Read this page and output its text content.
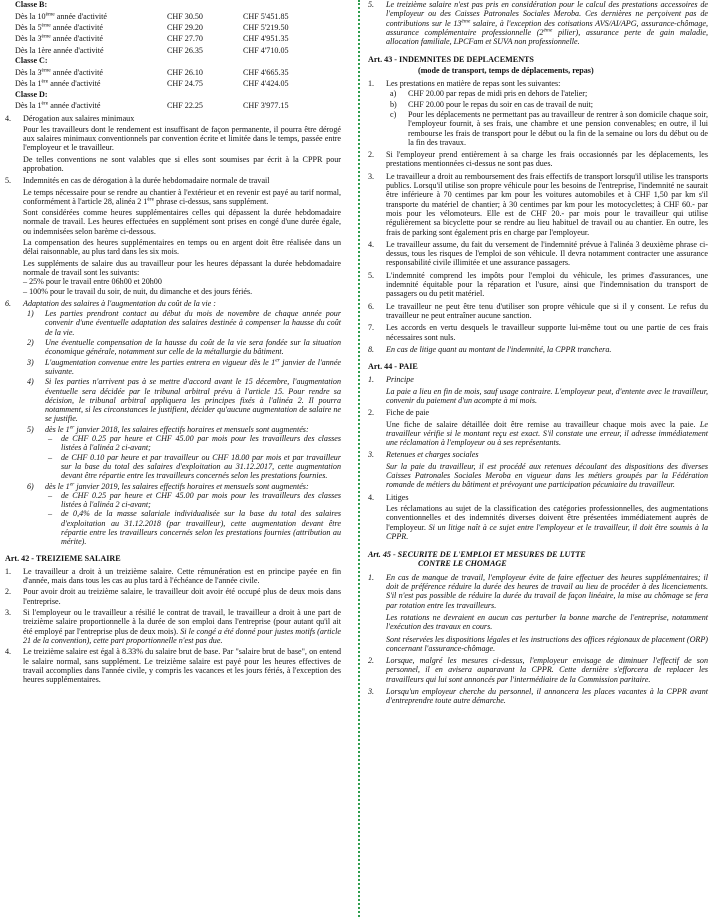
Classe B:
Dès la 10ème année d'activité	CHF 30.50	CHF 5'451.85
Dès la 5ème année d'activité	CHF 29.20	CHF 5'219.50
Dès la 3ème année d'activité	CHF 27.70	CHF 4'951.35
Dès la 1ère année d'activité	CHF 26.35	CHF 4'710.05
Classe C:
Dès la 3ème année d'activité	CHF 26.10	CHF 4'665.35
Dès la 1ère année d'activité	CHF 24.75	CHF 4'424.05
Classe D:
Dès la 1ère année d'activité	CHF 22.25	CHF 3'977.15
4.	Dérogation aux salaires minimaux

Pour les travailleurs dont le rendement est insuffisant de façon permanente, il pourra être dérogé aux salaires minimaux conventionnels par convention écrite et limitée dans le temps, passée entre l'employeur et le travailleur.

De telles conventions ne sont valables que si elles sont soumises par écrit à la CPPR pour approbation.

5.	Indemnités en cas de dérogation à la durée hebdomadaire normale de travail

Le temps nécessaire pour se rendre au chantier à l'extérieur et en revenir est payé au tarif normal, conformément à l'article 28, alinéa 2 1ère phrase ci-dessus, sans supplément.

Sont considérées comme heures supplémentaires celles qui dépassent la durée hebdomadaire normale de travail. Les heures effectuées en supplément sont prises en congé d'une durée égale, ou indemnisées selon barème ci-dessous.

La compensation des heures supplémentaires en temps ou en argent doit être réalisée dans un délai raisonnable, au plus tard dans les six mois.

Les suppléments de salaire dus au travailleur pour les heures dépassant la durée hebdomadaire normale de travail sont les suivants:

– 25% pour le travail entre 06h00 et 20h00
– 100% pour le travail du soir, de nuit, du dimanche et des jours fériés.
6.	Adaptation des salaires à l'augmentation du coût de la vie :
1)	Les parties prendront contact au début du mois de novembre de chaque année pour convenir d'une éventuelle adaptation des salaires destinée à compenser la hausse du coût de la vie.
2)	Une éventuelle compensation de la hausse du coût de la vie sera fondée sur la situation économique générale, notamment sur celle de la métallurgie du bâtiment.
3)	L'augmentation convenue entre les parties entrera en vigueur dès le 1er janvier de l'année suivante.
4)	Si les parties n'arrivent pas à se mettre d'accord avant le 15 décembre, l'augmentation éventuelle sera décidée par le tribunal arbitral prévu à l'article 15. Pour rendre sa décision, le tribunal arbitral appliquera les principes fixés à l'alinéa 2. Il pourra notamment, si les circonstances le justifient, décider qu'aucune augmentation de salaire ne se justifie.
5)	dès le 1er janvier 2018, les salaires effectifs horaires et mensuels sont augmentés:
–	de CHF 0.25 par heure et CHF 45.00 par mois pour les travailleurs des classes listées à l'alinéa 2 ci-avant;
–	de CHF 0.10 par heure et par travailleur ou CHF 18.00 par mois et par travailleur sur la base du total des salaires d'exploitation au 31.12.2017, cette augmentation devant être répartie entre les travailleurs concernés selon les prestations fournies.
6)	dès le 1er janvier 2019, les salaires effectifs horaires et mensuels sont augmentés:
–	de CHF 0.25 par heure et CHF 45.00 par mois pour les travailleurs des classes listées à l'alinéa 2 ci-avant;
–	de 0,4% de la masse salariale individualisée sur la base du total des salaires d'exploitation au 31.12.2018 (par travailleur), cette augmentation devant être répartie entre les travailleurs concernés selon les prestations fournies (attribution au mérite).
Art. 42 - TREIZIEME SALAIRE
1.	Le travailleur a droit à un treizième salaire. Cette rémunération est en principe payée en fin d'année, mais dans tous les cas au plus tard à l'échéance de l'année civile.
2.	Pour avoir droit au treizième salaire, le travailleur doit avoir été occupé plus de deux mois dans l'entreprise.
3.	Si l'employeur ou le travailleur a résilié le contrat de travail, le travailleur a droit à une part de treizième salaire proportionnelle à la durée de son emploi dans l'entreprise (pour autant qu'il ait été employé par l'entreprise plus de deux mois). Si le congé a été donné pour justes motifs (article 21 de la convention), cette part proportionnelle n'est pas due.
4.	Le treizième salaire est égal à 8.33% du salaire brut de base. Par "salaire brut de base", on entend le salaire normal, sans supplément. Le treizième salaire est payé pour les heures effectives de travail accomplies dans l'année civile, y compris les vacances et les jours fériés, à l'exception des heures supplémentaires.
5.	Le treizième salaire n'est pas pris en considération pour le calcul des prestations accessoires de l'employeur ou des Caisses Patronales Sociales Meroba. Ces dernières ne perçoivent pas de contributions sur le 13ème salaire, à l'exception des cotisations AVS/AI/APG, assurance-chômage, assurance complémentaire professionnelle (2ème pilier), assurance perte de gain maladie, allocation familiale, LPCFam et SUVA non professionnelle.
Art. 43 - INDEMNITES DE DEPLACEMENTS
(mode de transport, temps de déplacements, repas)
1.	Les prestations en matière de repas sont les suivantes:
a)	CHF 20.00 par repas de midi pris en dehors de l'atelier;
b)	CHF 20.00 pour le repas du soir en cas de travail de nuit;
c)	Pour les déplacements ne permettant pas au travailleur de rentrer à son domicile chaque soir, l'employeur fournit, à ses frais, une chambre et une pension convenables; en outre, il lui rembourse les frais de transport pour le début ou la fin de la semaine ou lors du début ou de la fin des travaux.
2.	Si l'employeur prend entièrement à sa charge les frais occasionnés par les déplacements, les prestations mentionnées ci-dessus ne sont pas dues.
3.	Le travailleur a droit au remboursement des frais effectifs de transport lorsqu'il utilise les transports publics. Lorsqu'il utilise son propre véhicule pour les besoins de l'entreprise, l'indemnité ne saurait être inférieure à 70 centimes par km pour les voitures automobiles et à CHF 1,50 par km s'il transporte du matériel de chantier; à 30 centimes par km pour les motocyclettes; à CHF 60.- par mois pour les vélomoteurs. Elle est de CHF 20.- par mois pour le travailleur qui utilise régulièrement sa bicyclette pour se rendre au lieu habituel de travail ou au chantier. En outre, les frais de parking sont également pris en charge par l'employeur.
4.	Le travailleur assume, du fait du versement de l'indemnité prévue à l'alinéa 3 deuxième phrase ci-dessus, tous les risques de l'emploi de son véhicule. Il devra notamment contracter une assurance responsabilité civile illimitée et une assurance passagers.
5.	L'indemnité comprend les impôts pour l'emploi du véhicule, les primes d'assurances, une indemnité équitable pour la réparation et l'usure, ainsi que l'indemnisation du transport de passagers ou du petit matériel.
6.	Le travailleur ne peut être tenu d'utiliser son propre véhicule que si il y consent. Le refus du travailleur ne peut entraîner aucune sanction.
7.	Les accords en vertu desquels le travailleur supporte lui-même tout ou une partie de ces frais nécessaires sont nuls.
8.	En cas de litige quant au montant de l'indemnité, la CPPR tranchera.
Art. 44 - PAIE
1.	Principe

La paie a lieu en fin de mois, sauf usage contraire. L'employeur peut, d'entente avec le travailleur, convenir du paiement d'un acompte à mi mois.

2.	Fiche de paie

Une fiche de salaire détaillée doit être remise au travailleur chaque mois avec la paie. Le travailleur vérifie si le montant reçu est exact. S'il constate une erreur, il adresse immédiatement une réclamation à l'employeur ou à ses représentants.

3.	Retenues et charges sociales

Sur la paie du travailleur, il est procédé aux retenues découlant des dispositions des diverses Caisses Patronales Sociales Meroba en vigueur dans les métiers groupés par la Fédération romande de métiers du bâtiment et prévoyant une participation pécuniaire du travailleur.

4.	Litiges

Les réclamations au sujet de la classification des catégories professionnelles, des augmentations conventionnelles et des indemnités diverses doivent être présentées immédiatement auprès de l'employeur. Si un litige naît à ce sujet entre l'employeur et le travailleur, il doit être soumis à la CPPR.

Art. 45 - SECURITE DE L'EMPLOI ET MESURES DE LUTTE
CONTRE LE CHOMAGE
1.	En cas de manque de travail, l'employeur évite de faire effectuer des heures supplémentaires; il doit de préférence réduire la durée des heures de travail au lieu de procéder à des licenciements. S'il n'est pas possible de réduire la durée du travail de façon linéaire, la mise au chômage se fera par rotation entre les travailleurs.

Les rotations ne devraient en aucun cas perturber la bonne marche de l'entreprise, notamment l'exécution des travaux en cours.

Sont réservées les dispositions légales et les instructions des offices régionaux de placement (ORP) concernant l'assurance-chômage.

2.	Lorsque, malgré les mesures ci-dessus, l'employeur envisage de diminuer l'effectif de son personnel, il en avisera auparavant la CPPR. Cette dernière s'efforcera de replacer les travailleurs qui lui sont annoncés par l'intermédiaire de la Commission paritaire.
3.	Lorsqu'un employeur cherche du personnel, il annoncera les places vacantes à la CPPR avant d'entreprendre toute autre démarche.
